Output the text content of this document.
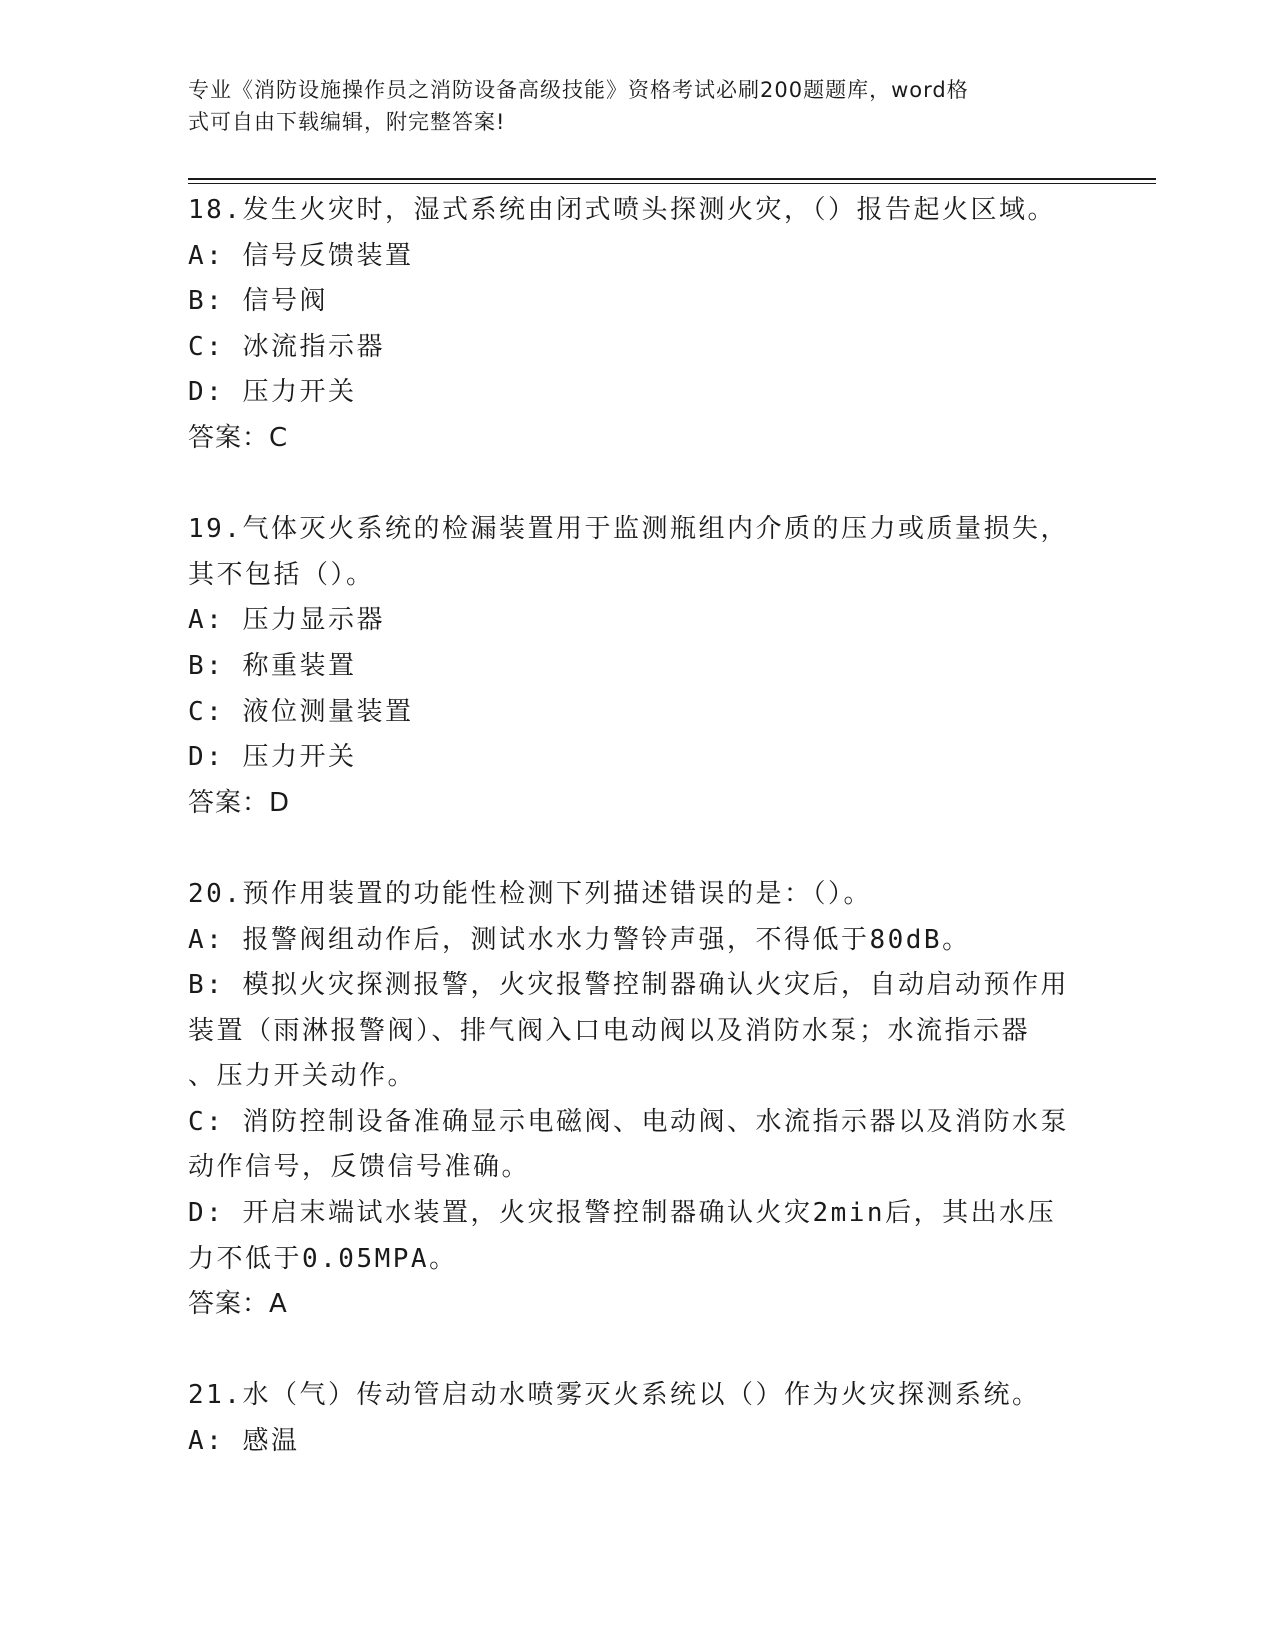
专业《消防设施操作员之消防设备高级技能》资格考试必刷200题题库，word格
式可自由下载编辑，附完整答案!
18.发生火灾时，湿式系统由闭式喷头探测火灾，（）报告起火区域。
A: 信号反馈装置
B: 信号阀
C: 冰流指示器
D: 压力开关
答案：C
19.气体灭火系统的检漏装置用于监测瓶组内介质的压力或质量损失，
其不包括（）。
A: 压力显示器
B: 称重装置
C: 液位测量装置
D: 压力开关
答案：D
20.预作用装置的功能性检测下列描述错误的是：（）。
A: 报警阀组动作后，测试水水力警铃声强，不得低于80dB。
B: 模拟火灾探测报警，火灾报警控制器确认火灾后，自动启动预作用
装置（雨淋报警阀）、排气阀入口电动阀以及消防水泵；水流指示器
、压力开关动作。
C: 消防控制设备准确显示电磁阀、电动阀、水流指示器以及消防水泵
动作信号，反馈信号准确。
D: 开启末端试水装置，火灾报警控制器确认火灾2min后，其出水压
力不低于0.05MPA。
答案：A
21.水（气）传动管启动水喷雾灭火系统以（）作为火灾探测系统。
A: 感温
